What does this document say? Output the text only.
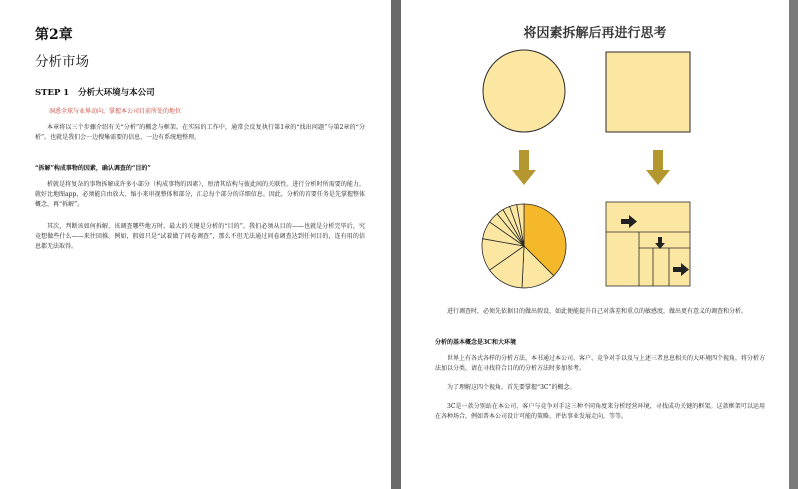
第2章
分析市场
STEP 1 分析大环境与本公司
洞悉全球与业界动向，掌握本公司目前所处的地位
本章将以三个步骤介绍有关“分析”的概念与框架。在实际的工作中，通常会反复执行第1章的“找出问题”与第2章的“分析”。也就是我们会一边搜集需要的信息，一边有系统地整理。
“拆解”构成事物的因素，确认调查的“目的”
析就是将复杂的事物拆解成许多小部分（构成事物的因素），厘清其结构与彼此间的关联性。进行分析时所需要的能力，就好比地图app，必须能自由放大、缩小来审视整体和部分，汇总每个部分的详细信息。因此，分析的首要任务是先掌握整体概念，再“拆解”。
其次，判断该如何拆解、该调查哪些地方时，最大的关键是分析的“目的”。我们必须从目的——也就是分析完毕后，究竟想做些什么——来往回推。例如，假如只是“试着做了问卷调查”，那么不但无法通过问卷调查达到任何目的，连有用的信息都无法取得。
将因素拆解后再进行思考
进行调查时，必须先依据目的做出假设，如此便能提升自己对落差和重点的敏感度，做出更有意义的调查和分析。
分析的基本概念是3C和大环境
世界上有各式各样的分析方法，本书通过本公司、客户、竞争对手以及与上述三者息息相关的大环境四个视角，将分析方法加以分类，请在寻找符合目的的分析方法时多加参考。
为了理解这四个视角，首先要掌握“3C”的概念。
3C是一款分别站在本公司、客户与竞争对手这三种不同角度来分析经营环境，寻找成功关键的框架。这款框架可以运用在各种场合，例如普本公司设计可能的策略、评估事业发展走向，等等。
